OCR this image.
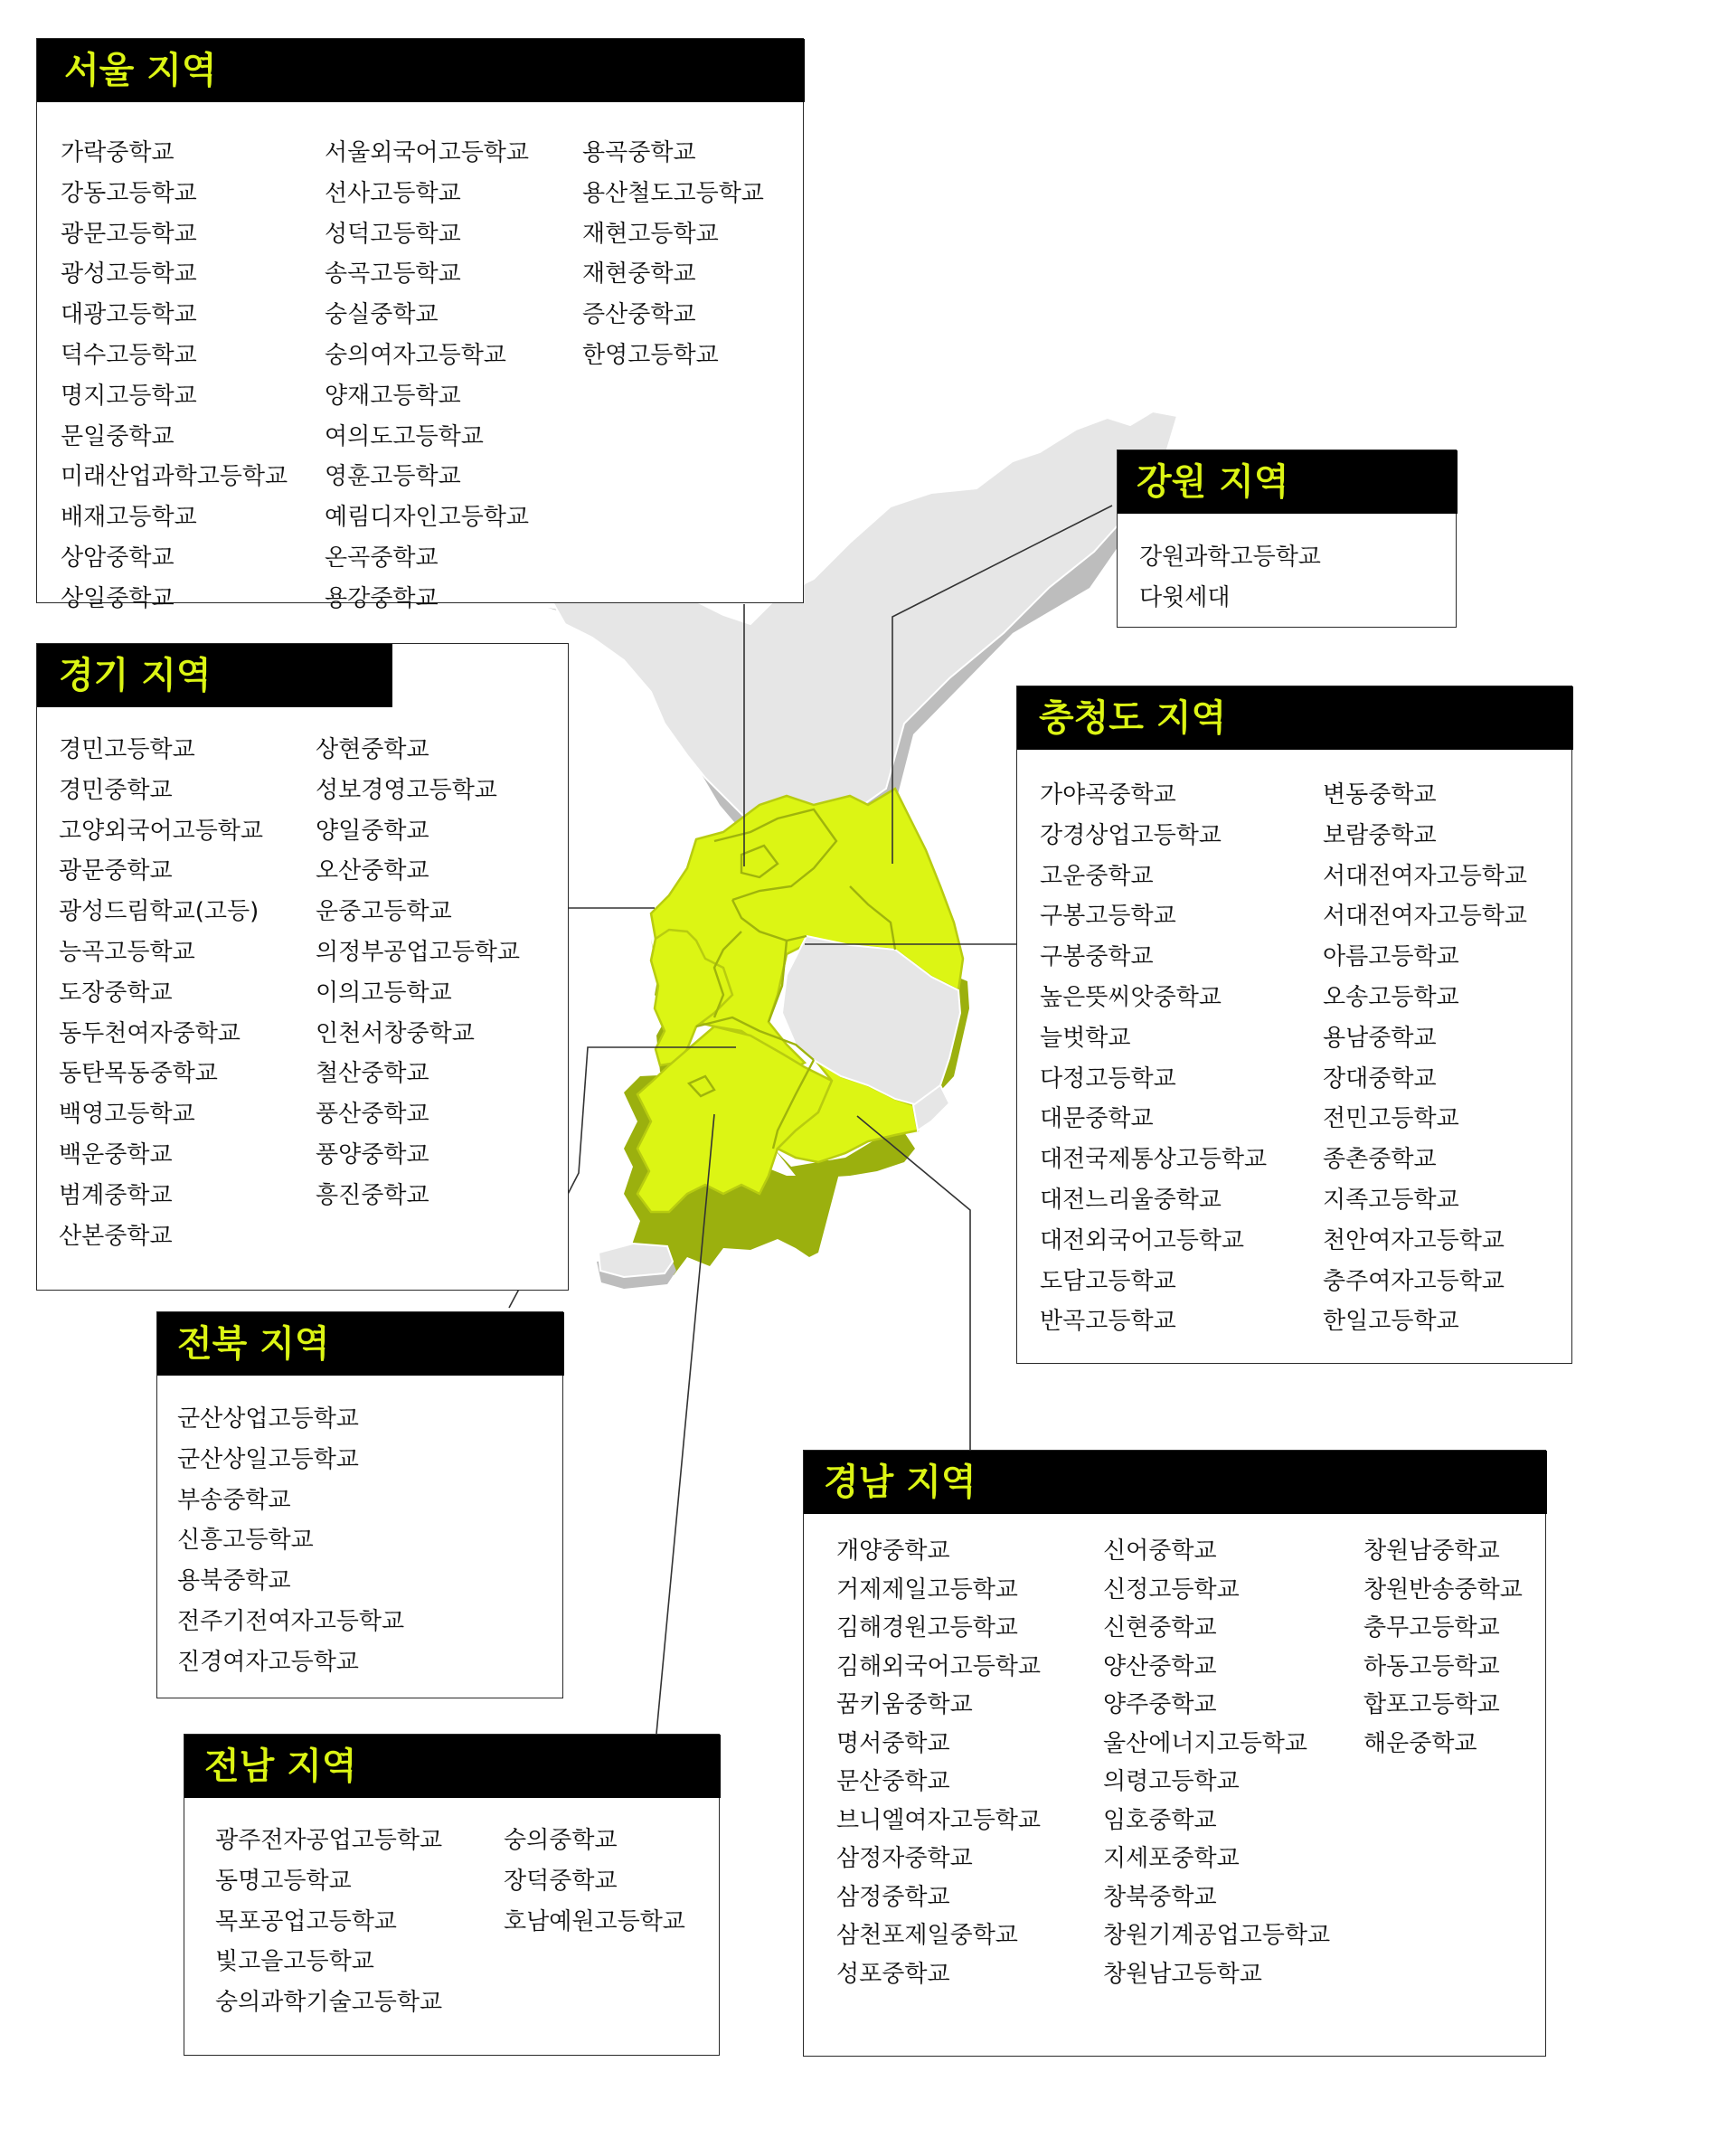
서울 지역
가락중학교
강동고등학교
광문고등학교
광성고등학교
대광고등학교
덕수고등학교
명지고등학교
문일중학교
미래산업과학고등학교
배재고등학교
상암중학교
상일중학교
서울외국어고등학교
선사고등학교
성덕고등학교
송곡고등학교
숭실중학교
숭의여자고등학교
양재고등학교
여의도고등학교
영훈고등학교
예림디자인고등학교
온곡중학교
용강중학교
용곡중학교
용산철도고등학교
재현고등학교
재현중학교
증산중학교
한영고등학교
강원 지역
강원과학고등학교
다윗세대
경기 지역
경민고등학교
경민중학교
고양외국어고등학교
광문중학교
광성드림학교(고등)
능곡고등학교
도장중학교
동두천여자중학교
동탄목동중학교
백영고등학교
백운중학교
범계중학교
산본중학교
상현중학교
성보경영고등학교
양일중학교
오산중학교
운중고등학교
의정부공업고등학교
이의고등학교
인천서창중학교
철산중학교
풍산중학교
풍양중학교
흥진중학교
충청도 지역
가야곡중학교
강경상업고등학교
고운중학교
구봉고등학교
구봉중학교
높은뜻씨앗중학교
늘벗학교
다정고등학교
대문중학교
대전국제통상고등학교
대전느리울중학교
대전외국어고등학교
도담고등학교
반곡고등학교
변동중학교
보람중학교
서대전여자고등학교
서대전여자고등학교
아름고등학교
오송고등학교
용남중학교
장대중학교
전민고등학교
종촌중학교
지족고등학교
천안여자고등학교
충주여자고등학교
한일고등학교
전북 지역
군산상업고등학교
군산상일고등학교
부송중학교
신흥고등학교
용북중학교
전주기전여자고등학교
진경여자고등학교
전남 지역
광주전자공업고등학교
동명고등학교
목포공업고등학교
빛고을고등학교
숭의과학기술고등학교
숭의중학교
장덕중학교
호남예원고등학교
경남 지역
개양중학교
거제제일고등학교
김해경원고등학교
김해외국어고등학교
꿈키움중학교
명서중학교
문산중학교
브니엘여자고등학교
삼정자중학교
삼정중학교
삼천포제일중학교
성포중학교
신어중학교
신정고등학교
신현중학교
양산중학교
양주중학교
울산에너지고등학교
의령고등학교
임호중학교
지세포중학교
창북중학교
창원기계공업고등학교
창원남고등학교
창원남중학교
창원반송중학교
충무고등학교
하동고등학교
합포고등학교
해운중학교
